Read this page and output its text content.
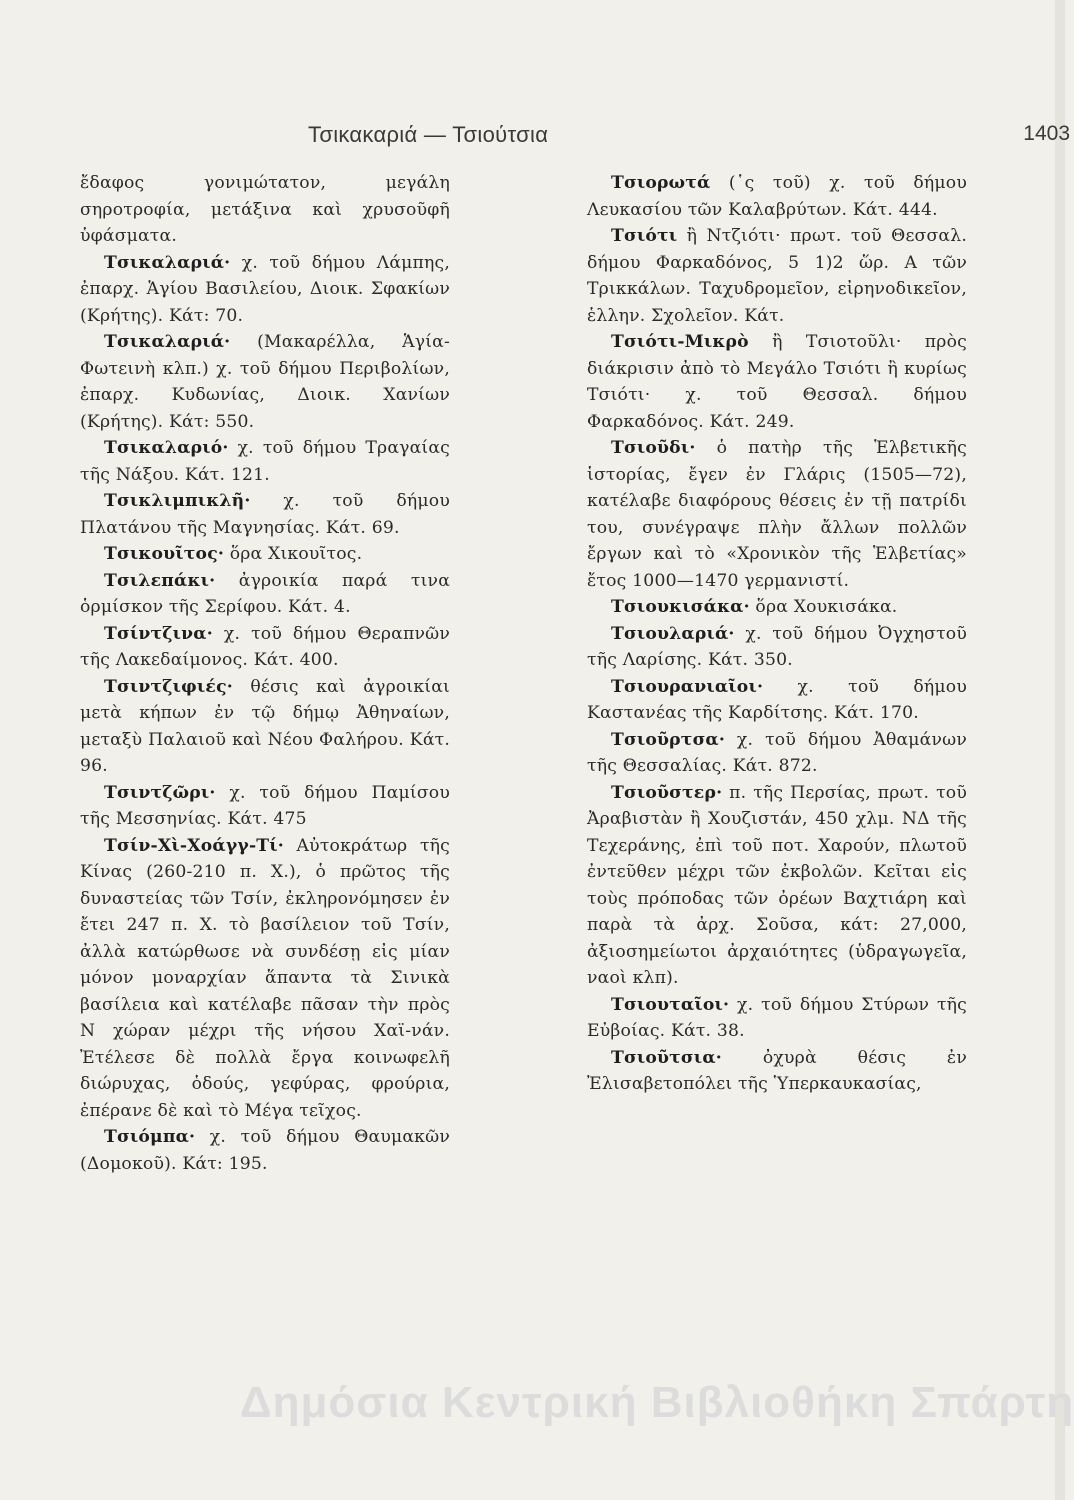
Τσικακαριά — Τσιούτσια	1403

ἔδαφος γονιμώτατον, μεγάλη σηροτροφία, μετάξινα καὶ χρυσοῦφῆ ὑφάσματα.

Τσικαλαριά· χ. τοῦ δήμου Λάμπης, ἐπαρχ. Ἁγίου Βασιλείου, Διοικ. Σφακίων (Κρήτης). Κάτ: 70.

Τσικαλαριά· (Μακαρέλλα, Ἁγία-Φωτεινὴ κλπ.) χ. τοῦ δήμου Περιβολίων, ἐπαρχ. Κυδωνίας, Διοικ. Χανίων (Κρήτης). Κάτ: 550.

Τσικαλαριό· χ. τοῦ δήμου Τραγαίας τῆς Νάξου. Κάτ. 121.

Τσικλιμπικλῆ· χ. τοῦ δήμου Πλατάνου τῆς Μαγνησίας. Κάτ. 69.

Τσικουῖτος· ὅρα Χικουῖτος.

Τσιλεπάκι· ἀγροικία παρά τινα ὁρμίσκον τῆς Σερίφου. Κάτ. 4.

Τσίντζινα· χ. τοῦ δήμου Θεραπνῶν τῆς Λακεδαίμονος. Κάτ. 400.

Τσιντζιφιές· θέσις καὶ ἀγροικίαι μετὰ κήπων ἐν τῷ δήμῳ Ἀθηναίων, μεταξὺ Παλαιοῦ καὶ Νέου Φαλήρου. Κάτ. 96.

Τσιντζῶρι· χ. τοῦ δήμου Παμίσου τῆς Μεσσηνίας. Κάτ. 475

Τσίν-Χὶ-Χοάγγ-Τί· Αὐτοκράτωρ τῆς Κίνας (260-210 π. Χ.), ὁ πρῶτος τῆς δυναστείας τῶν Τσίν, ἐκληρονόμησεν ἐν ἔτει 247 π. Χ. τὸ βασίλειον τοῦ Τσίν, ἀλλὰ κατώρθωσε νὰ συνδέσῃ εἰς μίαν μόνον μοναρχίαν ἅπαντα τὰ Σινικὰ βασίλεια καὶ κατέλαβε πᾶσαν τὴν πρὸς Ν χώραν μέχρι τῆς νήσου Χαϊ-νάν. Ἐτέλεσε δὲ πολλὰ ἔργα κοινωφελῆ διώρυχας, ὁδούς, γεφύρας, φρούρια, ἐπέρανε δὲ καὶ τὸ Μέγα τεῖχος.

Τσιόμπα· χ. τοῦ δήμου Θαυμακῶν (Δομοκοῦ). Κάτ: 195.

Τσιορωτά (῾ς τοῦ) χ. τοῦ δήμου Λευκασίου τῶν Καλαβρύτων. Κάτ. 444.

Τσιότι ἢ Ντζιότι· πρωτ. τοῦ Θεσσαλ. δήμου Φαρκαδόνος, 5 1)2 ὥρ. Α τῶν Τρικκάλων. Ταχυδρομεῖον, εἰρηνοδικεῖον, ἑλλην. Σχολεῖον. Κάτ.

Τσιότι-Μικρὸ ἢ Τσιοτοῦλι· πρὸς διάκρισιν ἀπὸ τὸ Μεγάλο Τσιότι ἢ κυρίως Τσιότι· χ. τοῦ Θεσσαλ. δήμου Φαρκαδόνος. Κάτ. 249.

Τσιοῦδι· ὁ πατὴρ τῆς Ἑλβετικῆς ἱστορίας, ἔγεν ἐν Γλάρις (1505—72), κατέλαβε διαφόρους θέσεις ἐν τῇ πατρίδι του, συνέγραψε πλὴν ἄλλων πολλῶν ἔργων καὶ τὸ «Χρονικὸν τῆς Ἑλβετίας» ἔτος 1000—1470 γερμανιστί.

Τσιουκισάκα· ὅρα Χουκισάκα.

Τσιουλαριά· χ. τοῦ δήμου Ὀγχηστοῦ τῆς Λαρίσης. Κάτ. 350.

Τσιουρανιαῖοι· χ. τοῦ δήμου Καστανέας τῆς Καρδίτσης. Κάτ. 170.

Τσιοῦρτσα· χ. τοῦ δήμου Ἀθαμάνων τῆς Θεσσαλίας. Κάτ. 872.

Τσιοῦστερ· π. τῆς Περσίας, πρωτ. τοῦ Ἀραβιστὰν ἢ Χουζιστάν, 450 χλμ. ΝΔ τῆς Τεχεράνης, ἐπὶ τοῦ ποτ. Χαρούν, πλωτοῦ ἐντεῦθεν μέχρι τῶν ἐκβολῶν. Κεῖται εἰς τοὺς πρόποδας τῶν ὀρέων Βαχτιάρη καὶ παρὰ τὰ ἀρχ. Σοῦσα, κάτ: 27,000, ἀξιοσημείωτοι ἀρχαιότητες (ὑδραγωγεῖα, ναοὶ κλπ).

Τσιουταῖοι· χ. τοῦ δήμου Στύρων τῆς Εὐβοίας. Κάτ. 38.

Τσιοῦτσια· ὀχυρὰ θέσις ἐν Ἐλισαβετοπόλει τῆς Ὑπερκαυκασίας,

Δημόσια Κεντρική Βιβλιοθήκη Σπάρτη
